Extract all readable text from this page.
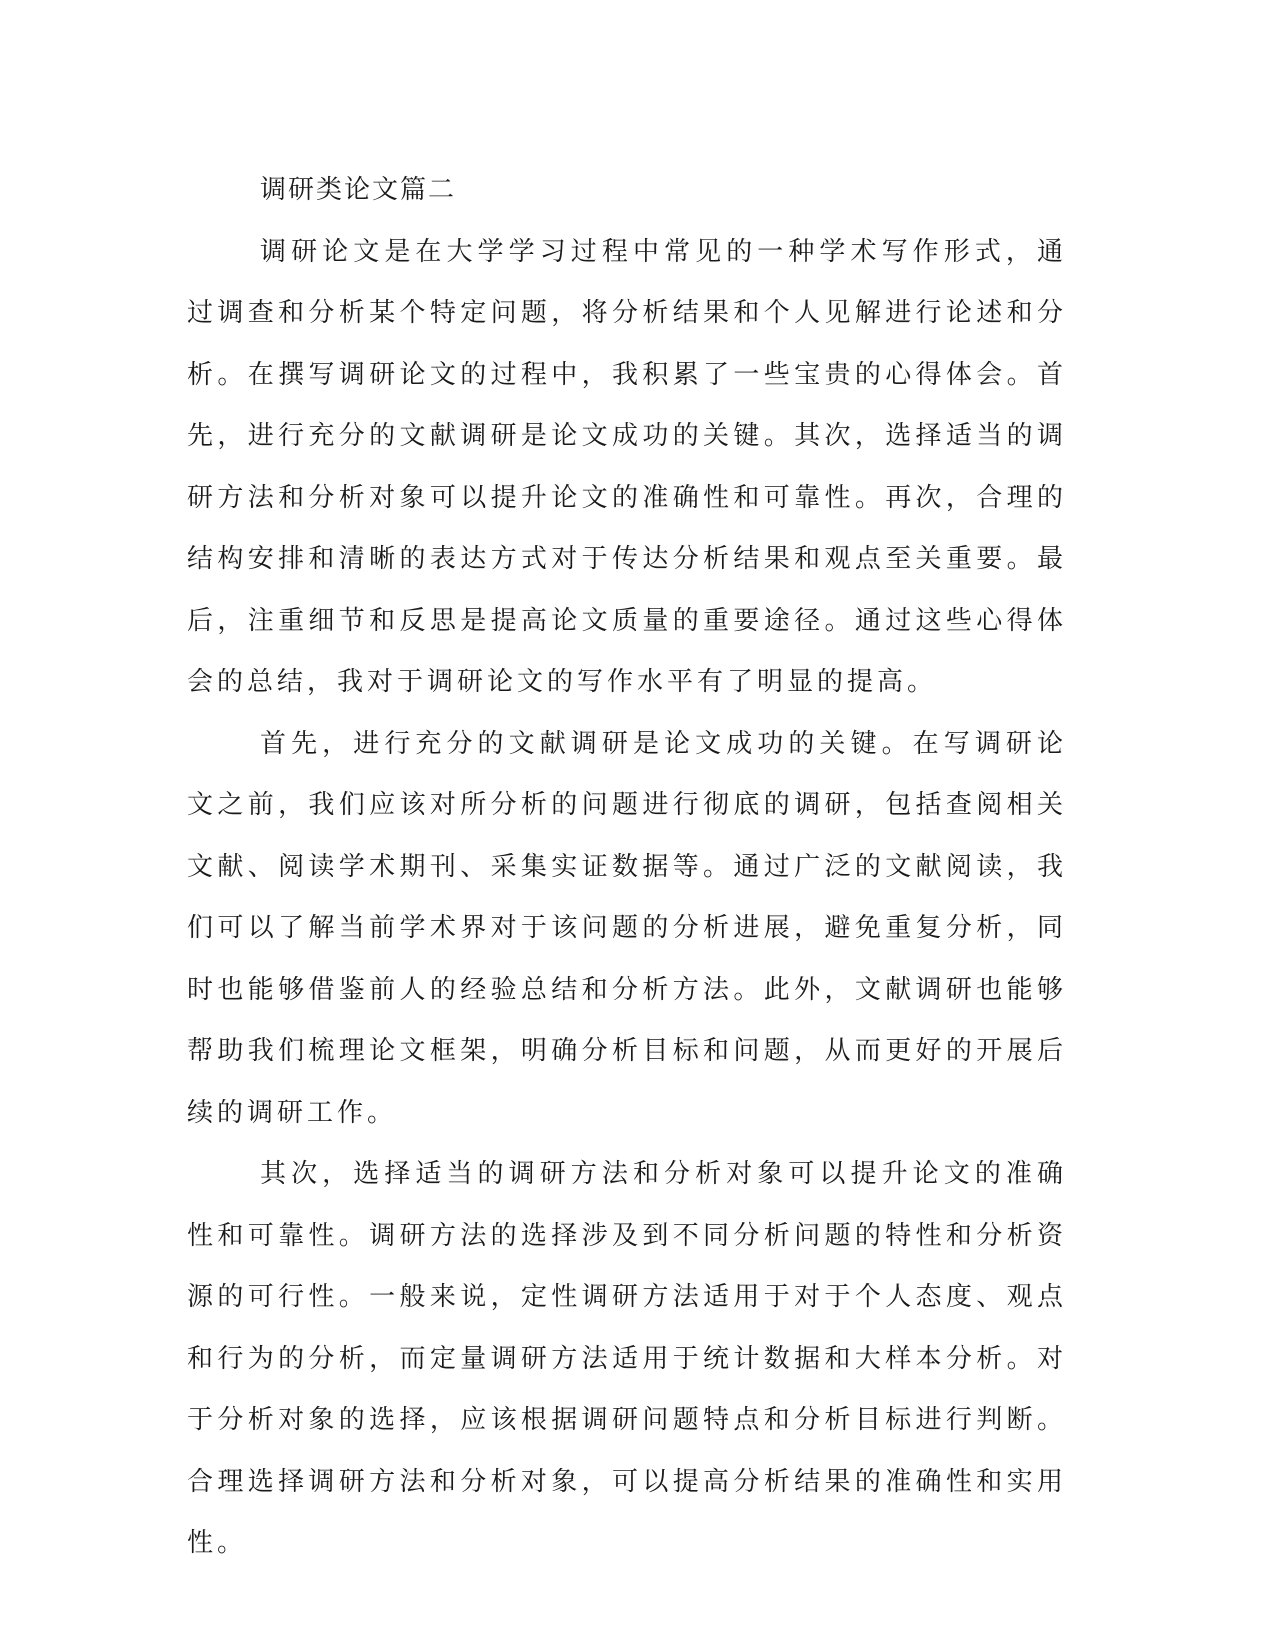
调研类论文篇二

调研论文是在大学学习过程中常见的一种学术写作形式，通过调查和分析某个特定问题，将分析结果和个人见解进行论述和分析。在撰写调研论文的过程中，我积累了一些宝贵的心得体会。首先，进行充分的文献调研是论文成功的关键。其次，选择适当的调研方法和分析对象可以提升论文的准确性和可靠性。再次，合理的结构安排和清晰的表达方式对于传达分析结果和观点至关重要。最后，注重细节和反思是提高论文质量的重要途径。通过这些心得体会的总结，我对于调研论文的写作水平有了明显的提高。

首先，进行充分的文献调研是论文成功的关键。在写调研论文之前，我们应该对所分析的问题进行彻底的调研，包括查阅相关文献、阅读学术期刊、采集实证数据等。通过广泛的文献阅读，我们可以了解当前学术界对于该问题的分析进展，避免重复分析，同时也能够借鉴前人的经验总结和分析方法。此外，文献调研也能够帮助我们梳理论文框架，明确分析目标和问题，从而更好的开展后续的调研工作。

其次，选择适当的调研方法和分析对象可以提升论文的准确性和可靠性。调研方法的选择涉及到不同分析问题的特性和分析资源的可行性。一般来说，定性调研方法适用于对于个人态度、观点和行为的分析，而定量调研方法适用于统计数据和大样本分析。对于分析对象的选择，应该根据调研问题特点和分析目标进行判断。合理选择调研方法和分析对象，可以提高分析结果的准确性和实用性。
